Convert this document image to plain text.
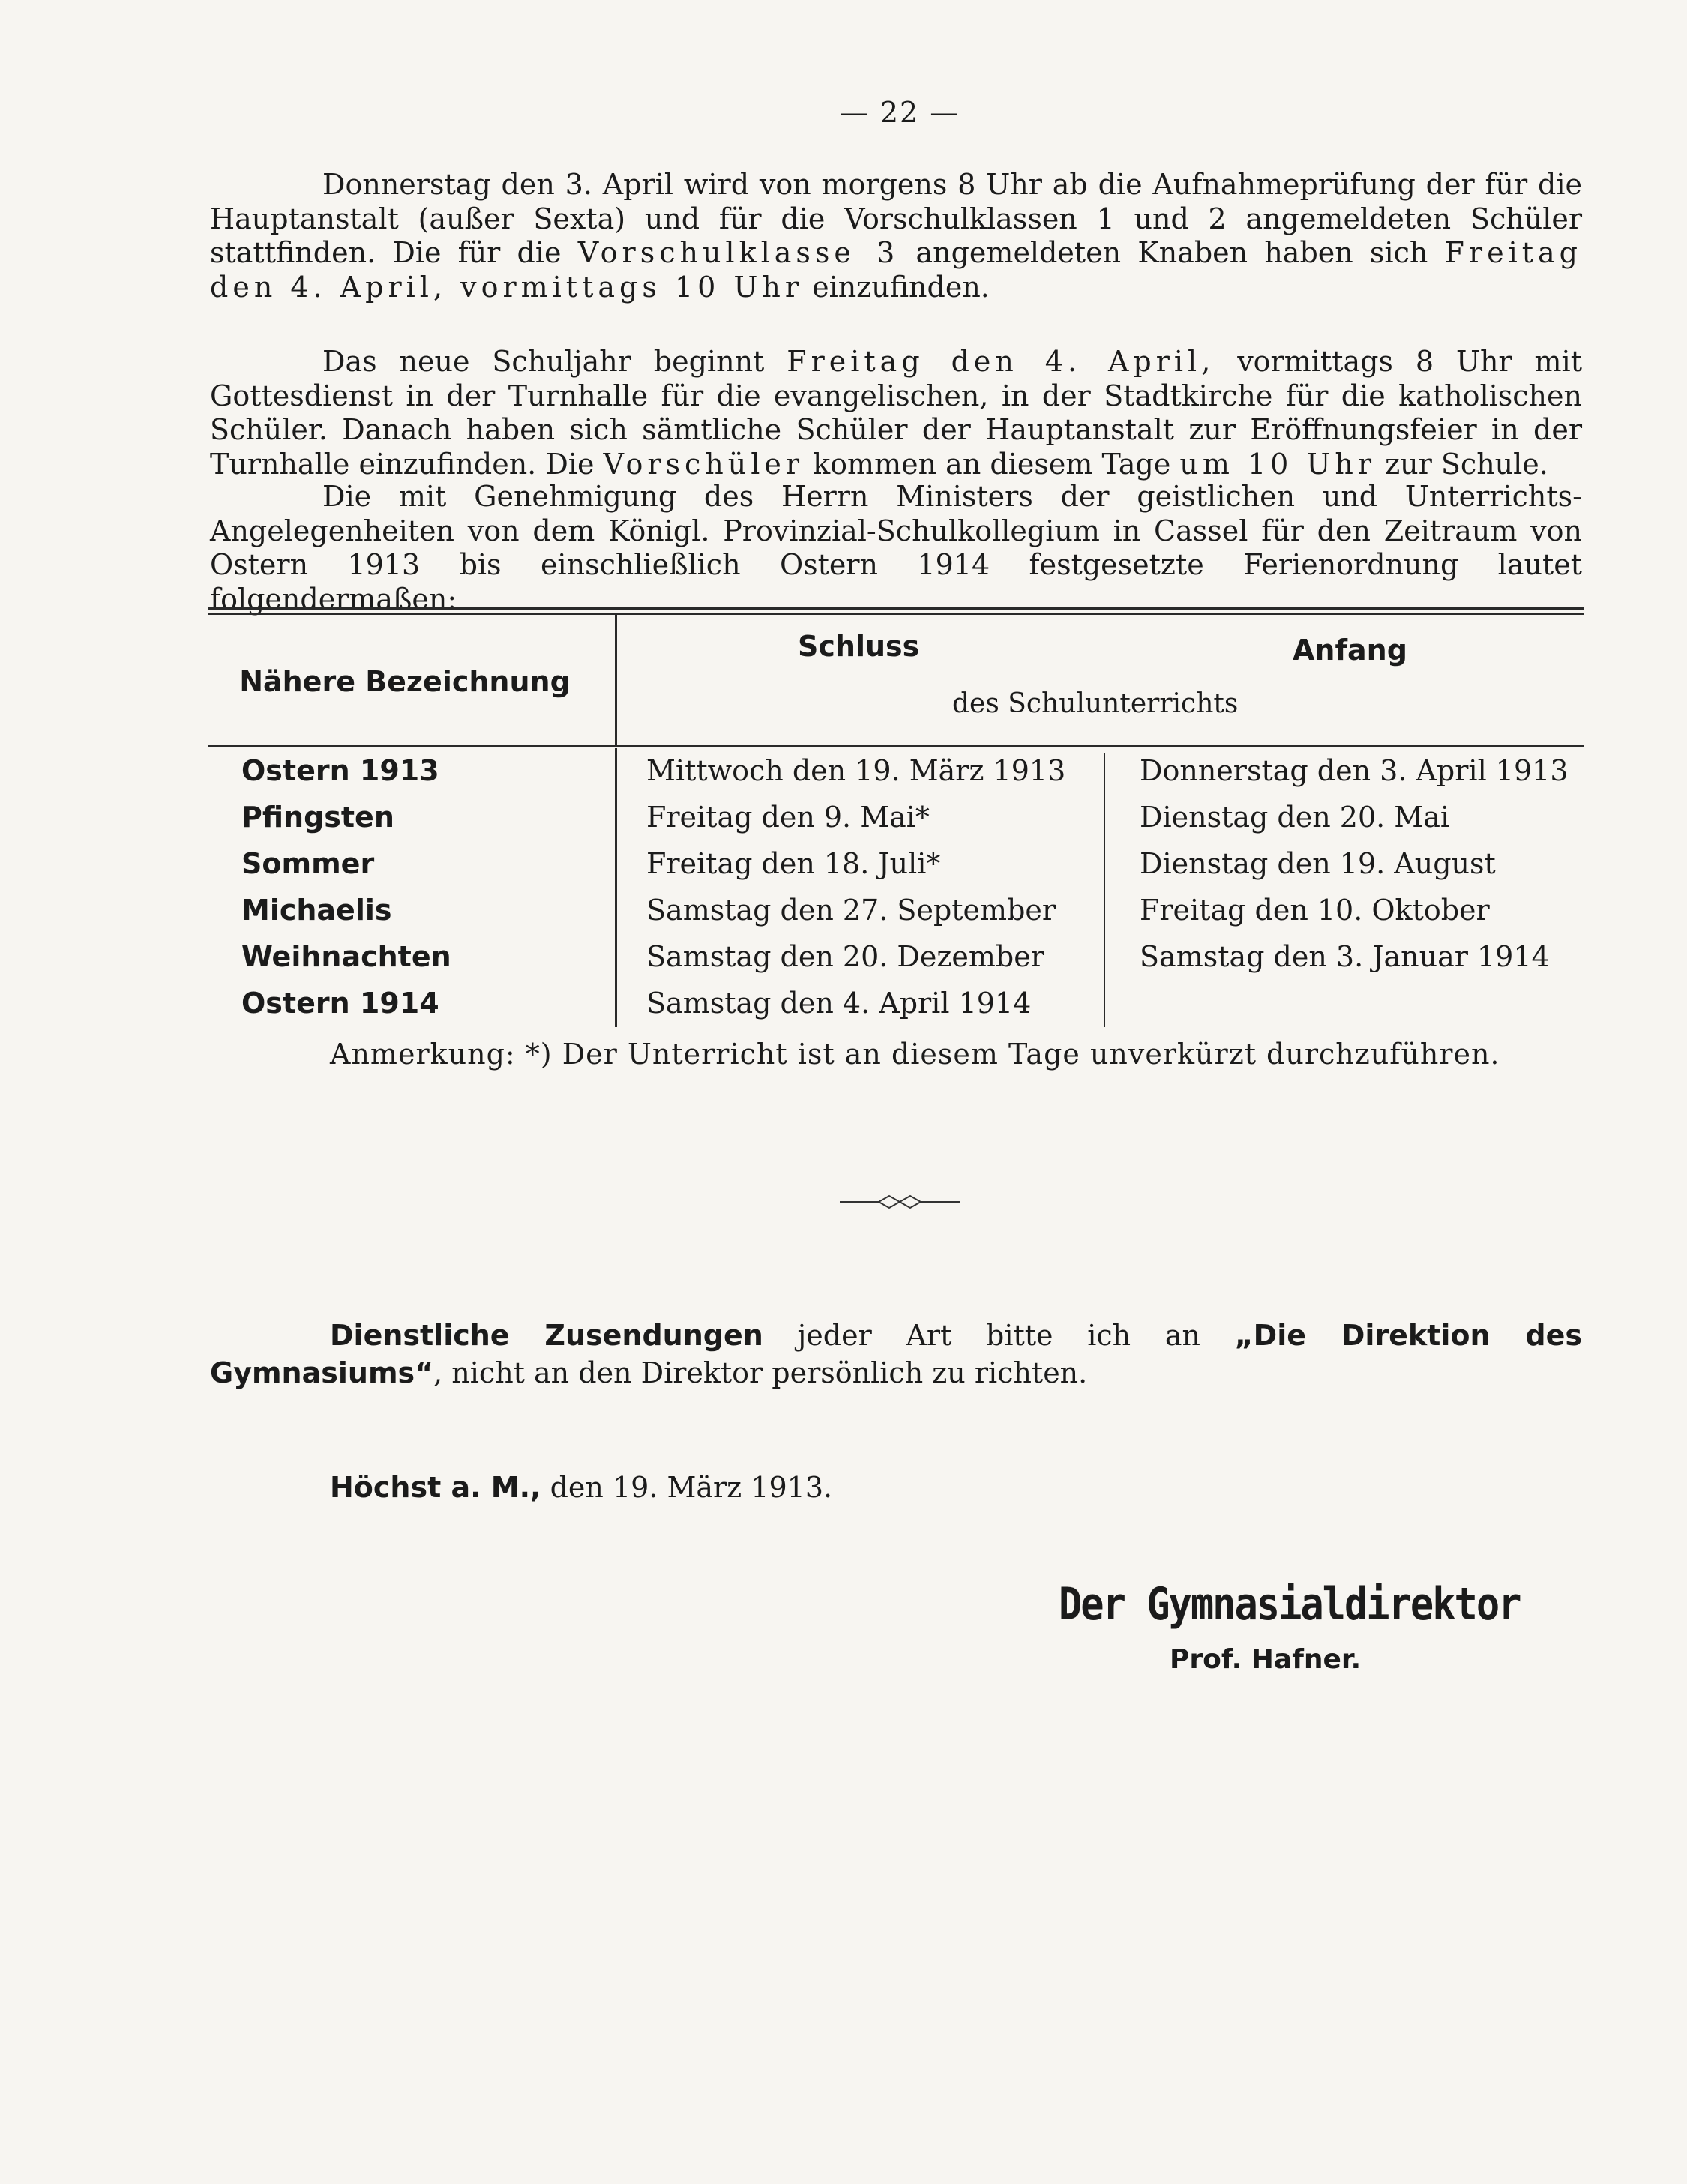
— 22 —

Donnerstag den 3. April wird von morgens 8 Uhr ab die Aufnahmeprüfung der für die Hauptanstalt (außer Sexta) und für die Vorschulklassen 1 und 2 angemeldeten Schüler stattfinden. Die für die Vorschulklasse 3 angemeldeten Knaben haben sich Freitag den 4. April, vormittags 10 Uhr einzufinden.

Das neue Schuljahr beginnt Freitag den 4. April, vormittags 8 Uhr mit Gottesdienst in der Turnhalle für die evangelischen, in der Stadtkirche für die katholischen Schüler. Danach haben sich sämtliche Schüler der Hauptanstalt zur Eröffnungsfeier in der Turnhalle einzufinden. Die Vorschüler kommen an diesem Tage um 10 Uhr zur Schule.

Die mit Genehmigung des Herrn Ministers der geistlichen und Unterrichts-Angelegenheiten von dem Königl. Provinzial-Schulkollegium in Cassel für den Zeitraum von Ostern 1913 bis einschließlich Ostern 1914 festgesetzte Ferienordnung lautet folgendermaßen:

Nähere Bezeichnung
Schluss	Anfang
des Schulunterrichts
Ostern 1913	Mittwoch den 19. März 1913	Donnerstag den 3. April 1913
Pfingsten	Freitag den 9. Mai*	Dienstag den 20. Mai
Sommer	Freitag den 18. Juli*	Dienstag den 19. August
Michaelis	Samstag den 27. September	Freitag den 10. Oktober
Weihnachten	Samstag den 20. Dezember	Samstag den 3. Januar 1914
Ostern 1914	Samstag den 4. April 1914
Anmerkung: *) Der Unterricht ist an diesem Tage unverkürzt durchzuführen.

Dienstliche Zusendungen jeder Art bitte ich an „Die Direktion des Gymnasiums“, nicht an den Direktor persönlich zu richten.

Höchst a. M., den 19. März 1913.
Der Gymnasialdirektor
Prof. Hafner.
